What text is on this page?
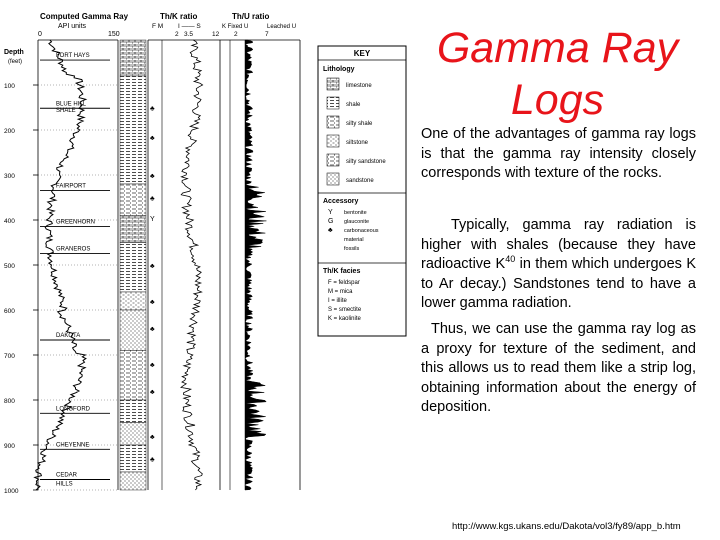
Computed Gamma Ray
API units
0	150
Th/K ratio
F M I —— S
2 3.5	12
Th/U ratio
K Fixed U	Leached U
2	7
Depth
(feet)
100
200
300
400
500
600
700
800
900
1000
FORT HAYS
BLUE HILL
SHALE
FAIRPORT
GREENHORN
GRANEROS
DAKOTA
LONGFORD
CHEYENNE
CEDAR
HILLS
♣
♣
♣
♣
Y
♣
♣
♣
♣
♣
♣
♣
KEY
Lithology
limestone
shale
silty shale
siltstone
silty sandstone
sandstone
Accessory
Y bentonite
G glauconite
♣ carbonaceous
material
fossils
Th/K facies
F = feldspar
M = mica
I = illite
S = smectite
K = kaolinite
Gamma Ray
Logs
One of the advantages of gamma ray logs is that the gamma ray intensity closely corresponds with texture of the rocks.
Typically, gamma ray radiation is higher with shales (because they have radioactive $K^{40}$ in them which undergoes K to Ar decay.) Sandstones tend to have a lower gamma radiation.
Thus, we can use the gamma ray log as a proxy for texture of the sediment, and this allows us to read them like a strip log, obtaining information about the energy of deposition.
http://www.kgs.ukans.edu/Dakota/vol3/fy89/app_b.htm
